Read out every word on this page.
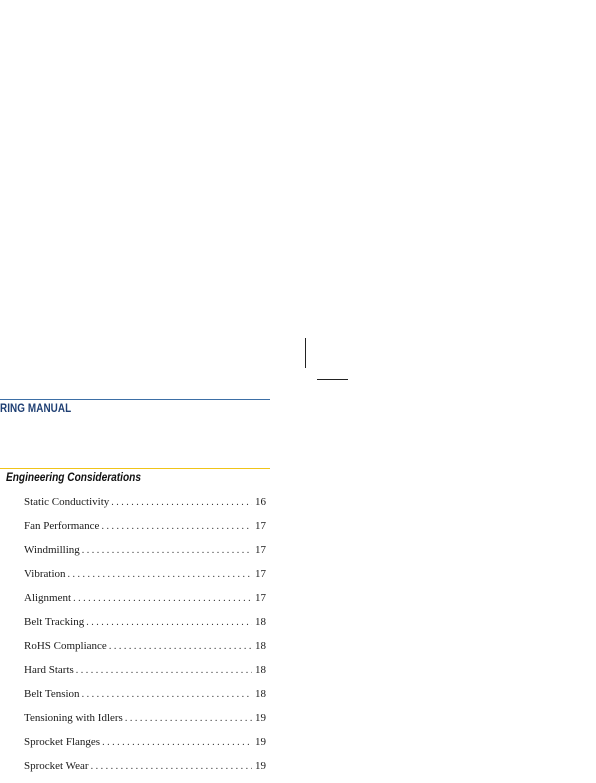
RING MANUAL
Engineering Considerations
Static Conductivity . . .	16
Fan Performance . . .	17
Windmilling . . .	17
Vibration . . .	17
Alignment . . .	17
Belt Tracking . . .	18
RoHS Compliance . . .	18
Hard Starts . . .	18
Belt Tension . . .	18
Tensioning with Idlers . . .	19
Sprocket Flanges . . .	19
Sprocket Wear . . .	19
